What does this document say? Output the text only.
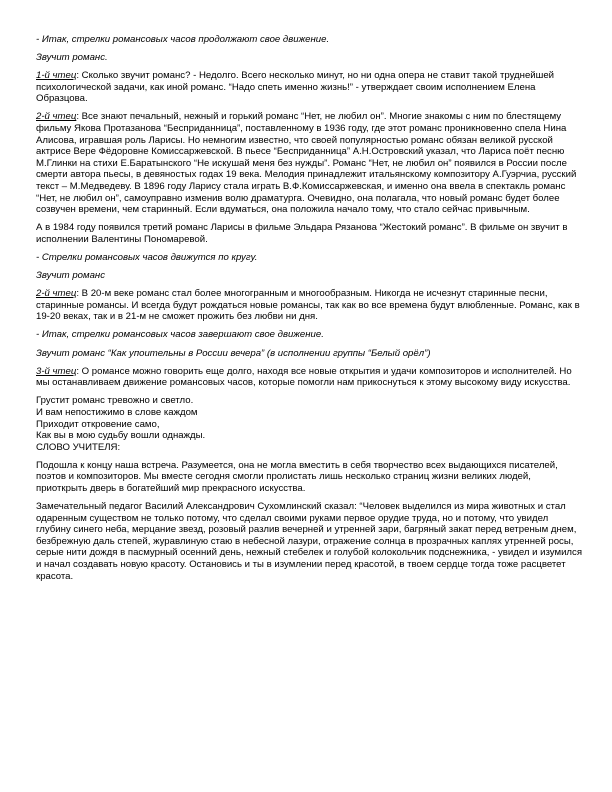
- Итак, стрелки романсовых часов продолжают свое движение.

Звучит романс.

1-й чтец: Сколько звучит романс? - Недолго. Всего несколько минут, но ни одна опера не ставит такой труднейшей психологической задачи, как иной романс. “Надо спеть именно жизнь!” - утверждает своим исполнением Елена Образцова.

2-й чтец: Все знают печальный, нежный и горький романс “Нет, не любил он”. Многие знакомы с ним по блестящему фильму Якова Протазанова “Бесприданница”, поставленному в 1936 году, где этот романс проникновенно спела Нина Алисова, игравшая роль Ларисы. Но немногим известно, что своей популярностью романс обязан великой русской актрисе Вере Фёдоровне Комиссаржевской. В пьесе “Бесприданница” А.Н.Островский указал, что Лариса поёт песню М.Глинки на стихи Е.Баратынского “Не искушай меня без нужды”. Романс “Нет, не любил он” появился в России после смерти автора пьесы, в девяностых годах 19 века. Мелодия принадлежит итальянскому композитору А.Гуэрчиа, русский текст – М.Медведеву. В 1896 году Ларису стала играть В.Ф.Комиссаржевская, и именно она ввела в спектакль романс “Нет, не любил он”, самоуправно изменив волю драматурга. Очевидно, она полагала, что новый романс будет более созвучен времени, чем старинный. Если вдуматься, она положила начало тому, что стало сейчас привычным.

А в 1984 году появился третий романс Ларисы в фильме Эльдара Рязанова “Жестокий романс”. В фильме он звучит в исполнении Валентины Пономаревой.

- Стрелки романсовых часов движутся по кругу.

Звучит романс

2-й чтец: В 20-м веке романс стал более многогранным и многообразным. Никогда не исчезнут старинные песни, старинные романсы. И всегда будут рождаться новые романсы, так как во все времена будут влюбленные. Романс, как в 19-20 веках, так и в 21-м не сможет прожить без любви ни дня.

- Итак, стрелки романсовых часов завершают свое движение.

Звучит романс “Как упоительны в России вечера” (в исполнении группы “Белый орёл”)

3-й чтец: О романсе можно говорить еще долго, находя все новые открытия и удачи композиторов и исполнителей. Но мы останавливаем движение романсовых часов, которые помогли нам прикоснуться к этому высокому виду искусства.

Грустит романс тревожно и светло.
И вам непостижимо в слове каждом
Приходит откровение само,
Как вы в мою судьбу вошли однажды.

СЛОВО УЧИТЕЛЯ:

Подошла к концу наша встреча. Разумеется, она не могла вместить в себя творчество всех выдающихся писателей, поэтов и композиторов. Мы вместе сегодня смогли пролистать лишь несколько страниц жизни великих людей, приоткрыть дверь в богатейший мир прекрасного искусства.

Замечательный педагог Василий Александрович Сухомлинский сказал: “Человек выделился из мира животных и стал одаренным существом не только потому, что сделал своими руками первое орудие труда, но и потому, что увидел глубину синего неба, мерцание звезд, розовый разлив вечерней и утренней зари, багряный закат перед ветреным днем, безбрежную даль степей, журавлиную стаю в небесной лазури, отражение солнца в прозрачных каплях утренней росы, серые нити дождя в пасмурный осенний день, нежный стебелек и голубой колокольчик подснежника, - увидел и изумился и начал создавать новую красоту. Остановись и ты в изумлении перед красотой, в твоем сердце тогда тоже расцветет красота.
